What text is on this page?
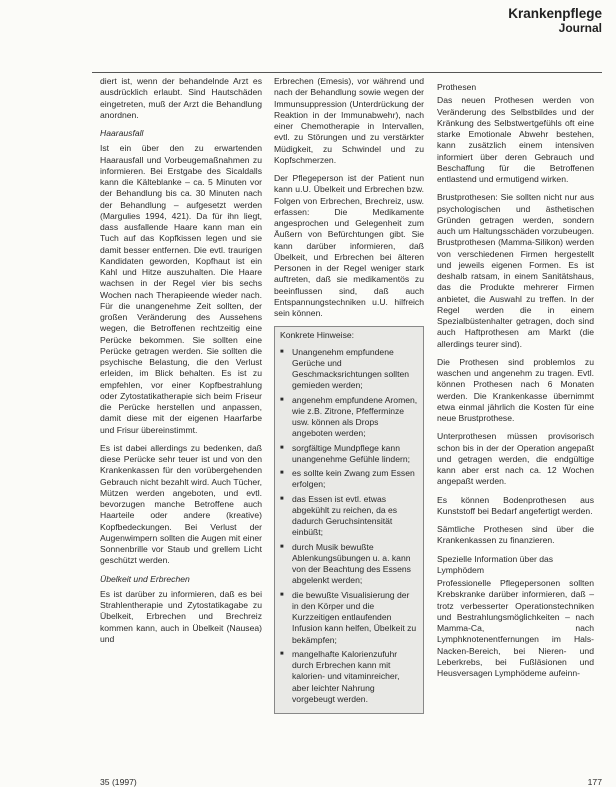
Krankenpflege
Journal

diert ist, wenn der behandelnde Arzt es ausdrücklich erlaubt. Sind Hautschäden eingetreten, muß der Arzt die Behandlung anordnen.

Haarausfall

Ist ein über den zu erwartenden Haarausfall und Vorbeugemaßnahmen zu informieren. Bei Erstgabe des Sicaldalls kann die Kälteblanke – ca. 5 Minuten vor der Behandlung bis ca. 30 Minuten nach der Behandlung – aufgesetzt werden (Margulies 1994, 421). Da für ihn liegt, dass ausfallende Haare kann man ein Tuch auf das Kopfkissen legen und sie damit besser entfernen. Die evtl. traurigen Kandidaten geworden, Kopfhaut ist ein Kahl und Hitze auszuhalten. Die Haare wachsen in der Regel vier bis sechs Wochen nach Therapieende wieder nach. Für die unangenehme Zeit sollten, der großen Veränderung des Aussehens wegen, die Betroffenen rechtzeitig eine Perücke bekommen. Sie sollten eine Perücke getragen werden. Sie sollten die psychische Belastung, die den Verlust erleiden, im Blick behalten. Es ist zu empfehlen, vor einer Kopfbestrahlung oder Zytostatikatherapie sich beim Friseur die Perücke herstellen und anpassen, damit diese mit der eigenen Haarfarbe und Frisur übereinstimmt.

Es ist dabei allerdings zu bedenken, daß diese Perücke sehr teuer ist und von den Krankenkassen für den vorübergehenden Gebrauch nicht bezahlt wird. Auch Tücher, Mützen werden angeboten, und evtl. bevorzugen manche Betroffene auch Haarteile oder andere (kreative) Kopfbedeckungen. Bei Verlust der Augenwimpern sollten die Augen mit einer Sonnenbrille vor Staub und grellem Licht geschützt werden.

Übelkeit und Erbrechen

Es ist darüber zu informieren, daß es bei Strahlentherapie und Zytostatikagabe zu Übelkeit, Erbrechen und Brechreiz kommen kann, auch in Übelkeit (Nausea) und

Erbrechen (Emesis), vor während und nach der Behandlung sowie wegen der Immunsuppression (Unterdrückung der Reaktion in der Immunabwehr), nach einer Chemotherapie in Intervallen, evtl. zu Störungen und zu verstärkter Müdigkeit, zu Schwindel und zu Kopfschmerzen.

Der Pflegeperson ist der Patient nun kann u.U. Übelkeit und Erbrechen bzw. Folgen von Erbrechen, Brechreiz, usw. erfassen: Die Medikamente angesprochen und Gelegenheit zum Äußern von Befürchtungen gibt. Sie kann darüber informieren, daß Übelkeit, und Erbrechen bei älteren Personen in der Regel weniger stark auftreten, daß sie medikamentös zu beeinflussen sind, daß auch Entspannungstechniken u.U. hilfreich sein können.

Konkrete Hinweise:
■ Unangenehm empfundene Gerüche und Geschmacksrichtungen sollten gemieden werden;
■ angenehm empfundene Aromen, wie z.B. Zitrone, Pfefferminze usw. können als Drops angeboten werden;
■ sorgfältige Mundpflege kann unangenehme Gefühle lindern;
■ es sollte kein Zwang zum Essen erfolgen;
■ das Essen ist evtl. etwas abgekühlt zu reichen, da es dadurch Geruchsintensität einbüßt;
■ durch Musik bewußte Ablenkungsübungen u. a. kann von der Beachtung des Essens abgelenkt werden;
■ die bewußte Visualisierung der in den Körper und die Kurzzeitigen entlaufenden Infusion kann helfen, Übelkeit zu bekämpfen;
■ mangelhafte Kalorienzufuhr durch Erbrechen kann mit kalorien- und vitaminreicher, aber leichter Nahrung vorgebeugt werden.
Prothesen

Das neuen Prothesen werden von Veränderung des Selbstbildes und der Kränkung des Selbstwertgefühls oft eine starke Emotionale Abwehr bestehen, kann zusätzlich einem intensiven informiert über deren Gebrauch und Beschaffung für die Betroffenen entlastend und ermutigend wirken.

Brustprothesen: Sie sollten nicht nur aus psychologischen und ästhetischen Gründen getragen werden, sondern auch um Haltungsschäden vorzubeugen. Brustprothesen (Mamma-Silikon) werden von verschiedenen Firmen hergestellt und jeweils eigenen Formen. Es ist deshalb ratsam, in einem Sanitätshaus, das die Produkte mehrerer Firmen anbietet, die Auswahl zu treffen. In der Regel werden die in einem Spezialbüstenhalter getragen, doch sind auch Haftprothesen am Markt (die allerdings teurer sind).

Die Prothesen sind problemlos zu waschen und angenehm zu tragen. Evtl. können Prothesen nach 6 Monaten werden. Die Krankenkasse übernimmt etwa einmal jährlich die Kosten für eine neue Brustprothese.

Unterprothesen müssen provisorisch schon bis in der der Operation angepaßt und getragen werden, die endgültige kann aber erst nach ca. 12 Wochen angepaßt werden.

Es können Bodenprothesen aus Kunststoff bei Bedarf angefertigt werden.

Sämtliche Prothesen sind über die Krankenkassen zu finanzieren.

Spezielle Information über das Lymphödem

Professionelle Pflegepersonen sollten Krebskranke darüber informieren, daß – trotz verbesserter Operationstechniken und Bestrahlungsmöglichkeiten – nach Mamma-Ca, nach Lymphknotenentfernungen im Hals-Nacken-Bereich, bei Nieren- und Leberkrebs, bei Fußläsionen und Heusversagen Lymphödeme aufeinn-

35 (1997)	177
